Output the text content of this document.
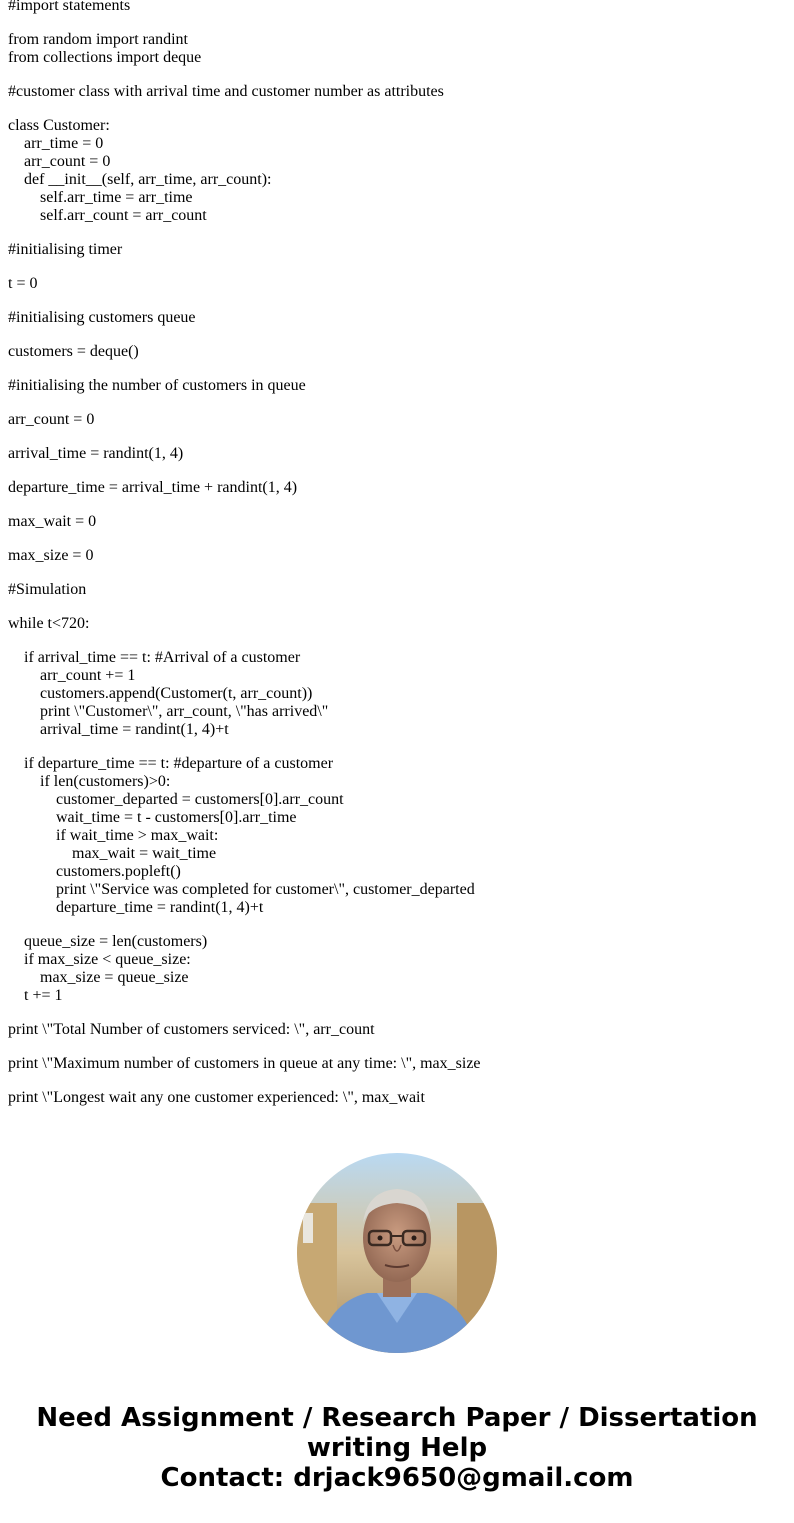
#import statements
from random import randint
from collections import deque
#customer class with arrival time and customer number as attributes
class Customer:
arr_time = 0
arr_count = 0
def __init__(self, arr_time, arr_count):
self.arr_time = arr_time
self.arr_count = arr_count
#initialising timer
t = 0
#initialising customers queue
customers = deque()
#initialising the number of customers in queue
arr_count = 0
arrival_time = randint(1, 4)
departure_time = arrival_time + randint(1, 4)
max_wait = 0
max_size = 0
#Simulation
while t<720:
if arrival_time == t: #Arrival of a customer
arr_count += 1
customers.append(Customer(t, arr_count))
print \"Customer\", arr_count, \"has arrived\"
arrival_time = randint(1, 4)+t
if departure_time == t: #departure of a customer
if len(customers)>0:
customer_departed = customers[0].arr_count
wait_time = t - customers[0].arr_time
if wait_time > max_wait:
max_wait = wait_time
customers.popleft()
print \"Service was completed for customer\", customer_departed
departure_time = randint(1, 4)+t
queue_size = len(customers)
if max_size < queue_size:
max_size = queue_size
t += 1
print \"Total Number of customers serviced: \", arr_count
print \"Maximum number of customers in queue at any time: \", max_size
print \"Longest wait any one customer experienced: \", max_wait
Need Assignment / Research Paper / Dissertation
writing Help
Contact: drjack9650@gmail.com
